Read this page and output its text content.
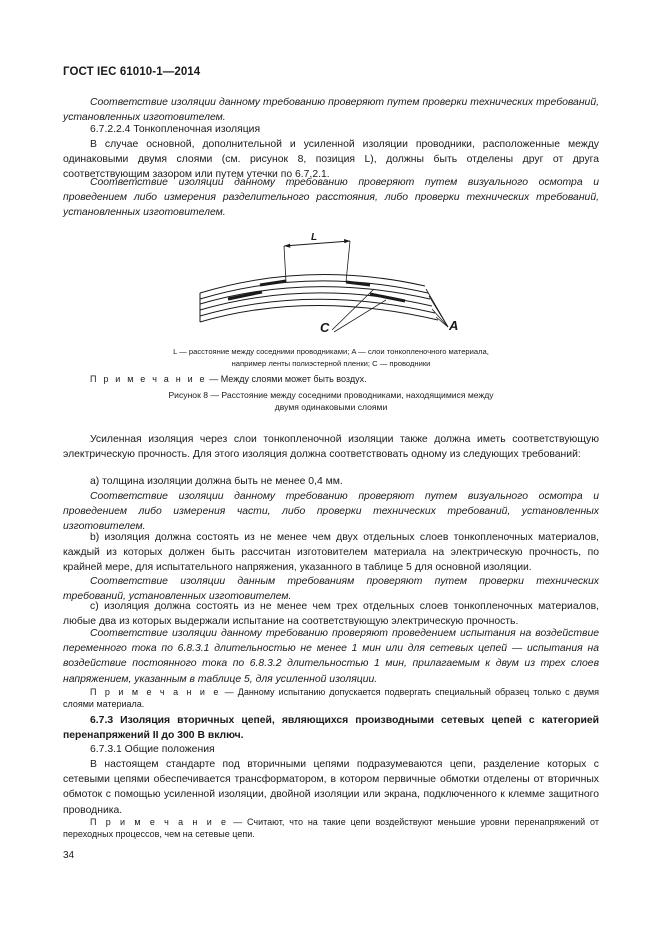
ГОСТ IEC 61010-1—2014

Соответствие изоляции данному требованию проверяют путем проверки технических требований, установленных изготовителем.

6.7.2.2.4 Тонкопленочная изоляция

В случае основной, дополнительной и усиленной изоляции проводники, расположенные между одинаковыми двумя слоями (см. рисунок 8, позиция L), должны быть отделены друг от друга соответствующим зазором или путем утечки по 6.7.2.1.

Соответствие изоляции данному требованию проверяют путем визуального осмотра и проведением либо измерения разделительного расстояния, либо проверки технических требований, установленных изготовителем.

L
C	A
L — расстояние между соседними проводниками; A — слои тонкопленочного материала,
например ленты полиэстерной пленки; C — проводники

П р и м е ч а н и е — Между слоями может быть воздух.

Рисунок 8 — Расстояние между соседними проводниками, находящимися между
двумя одинаковыми слоями

Усиленная изоляция через слои тонкопленочной изоляции также должна иметь соответствующую электрическую прочность. Для этого изоляция должна соответствовать одному из следующих требований:

a) толщина изоляции должна быть не менее 0,4 мм.

Соответствие изоляции данному требованию проверяют путем визуального осмотра и проведением либо измерения части, либо проверки технических требований, установленных изготовителем.

b) изоляция должна состоять из не менее чем двух отдельных слоев тонкопленочных материалов, каждый из которых должен быть рассчитан изготовителем материала на электрическую прочность, по крайней мере, для испытательного напряжения, указанного в таблице 5 для основной изоляции.

Соответствие изоляции данным требованиям проверяют путем проверки технических требований, установленных изготовителем.

c) изоляция должна состоять из не менее чем трех отдельных слоев тонкопленочных материалов, любые два из которых выдержали испытание на соответствующую электрическую прочность.

Соответствие изоляции данному требованию проверяют проведением испытания на воздействие переменного тока по 6.8.3.1 длительностью не менее 1 мин или для сетевых цепей — испытания на воздействие постоянного тока по 6.8.3.2 длительностью 1 мин, прилагаемым к двум из трех слоев напряжением, указанным в таблице 5, для усиленной изоляции.

П р и м е ч а н и е — Данному испытанию допускается подвергать специальный образец только с двумя слоями материала.

6.7.3 Изоляция вторичных цепей, являющихся производными сетевых цепей с категорией перенапряжений II до 300 В включ.

6.7.3.1 Общие положения

В настоящем стандарте под вторичными цепями подразумеваются цепи, разделение которых с сетевыми цепями обеспечивается трансформатором, в котором первичные обмотки отделены от вторичных обмоток с помощью усиленной изоляции, двойной изоляции или экрана, подключенного к клемме защитного проводника.

П р и м е ч а н и е — Считают, что на такие цепи воздействуют меньшие уровни перенапряжений от переходных процессов, чем на сетевые цепи.

34
